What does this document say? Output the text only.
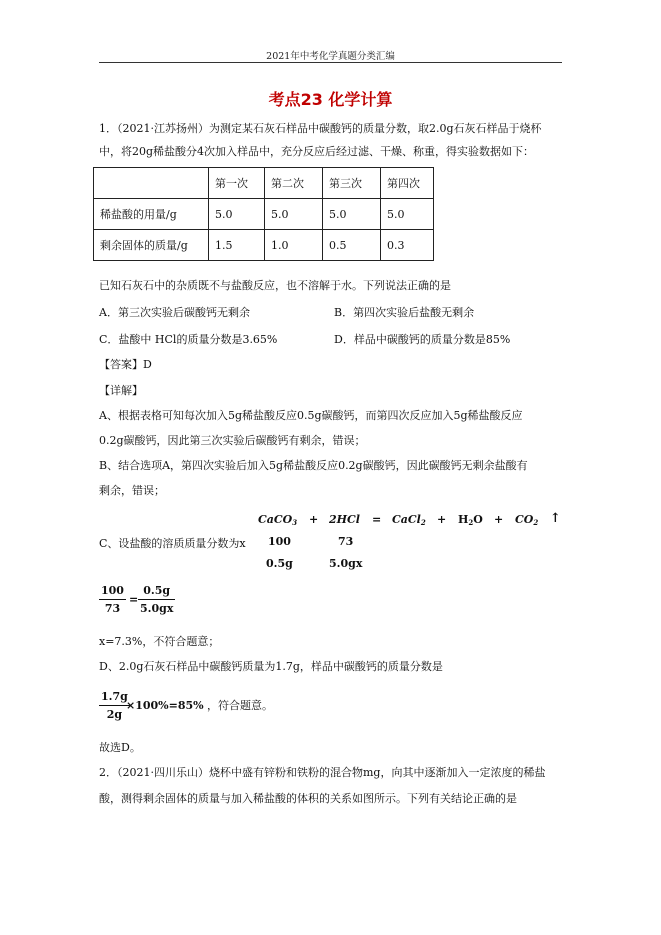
2021年中考化学真题分类汇编
考点23 化学计算
1．（2021·江苏扬州）为测定某石灰石样品中碳酸钙的质量分数，取2.0g石灰石样品于烧杯
中，将20g稀盐酸分4次加入样品中，充分反应后经过滤、干燥、称重，得实验数据如下：
	第一次	第二次	第三次	第四次
稀盐酸的用量/g	5.0	5.0	5.0	5.0
剩余固体的质量/g	1.5	1.0	0.5	0.3
已知石灰石中的杂质既不与盐酸反应，也不溶解于水。下列说法正确的是
A．第三次实验后碳酸钙无剩余	B．第四次实验后盐酸无剩余
C．盐酸中 HCl的质量分数是3.65%	D．样品中碳酸钙的质量分数是85%
【答案】D
【详解】
A、根据表格可知每次加入5g稀盐酸反应0.5g碳酸钙，而第四次反应加入5g稀盐酸反应
0.2g碳酸钙，因此第三次实验后碳酸钙有剩余，错误；
B、结合选项A，第四次实验后加入5g稀盐酸反应0.2g碳酸钙，因此碳酸钙无剩余盐酸有
剩余，错误；
CaCO$_3$ + 2HCl = CaCl$_2$ + $H_2O + CO_2$ ↑
C、设盐酸的溶质质量分数为x 100	73
0.5g	5.0gx
$\frac{100}{73} = \frac{0.5g}{5.0gx}$
x=7.3%，不符合题意；
D、2.0g石灰石样品中碳酸钙质量为1.7g，样品中碳酸钙的质量分数是
$\frac{1.7g}{2g}$
×100%=85% ，符合题意。
故选D。
2．（2021·四川乐山）烧杯中盛有锌粉和铁粉的混合物mg，向其中逐渐加入一定浓度的稀盐
酸，测得剩余固体的质量与加入稀盐酸的体积的关系如图所示。下列有关结论正确的是
